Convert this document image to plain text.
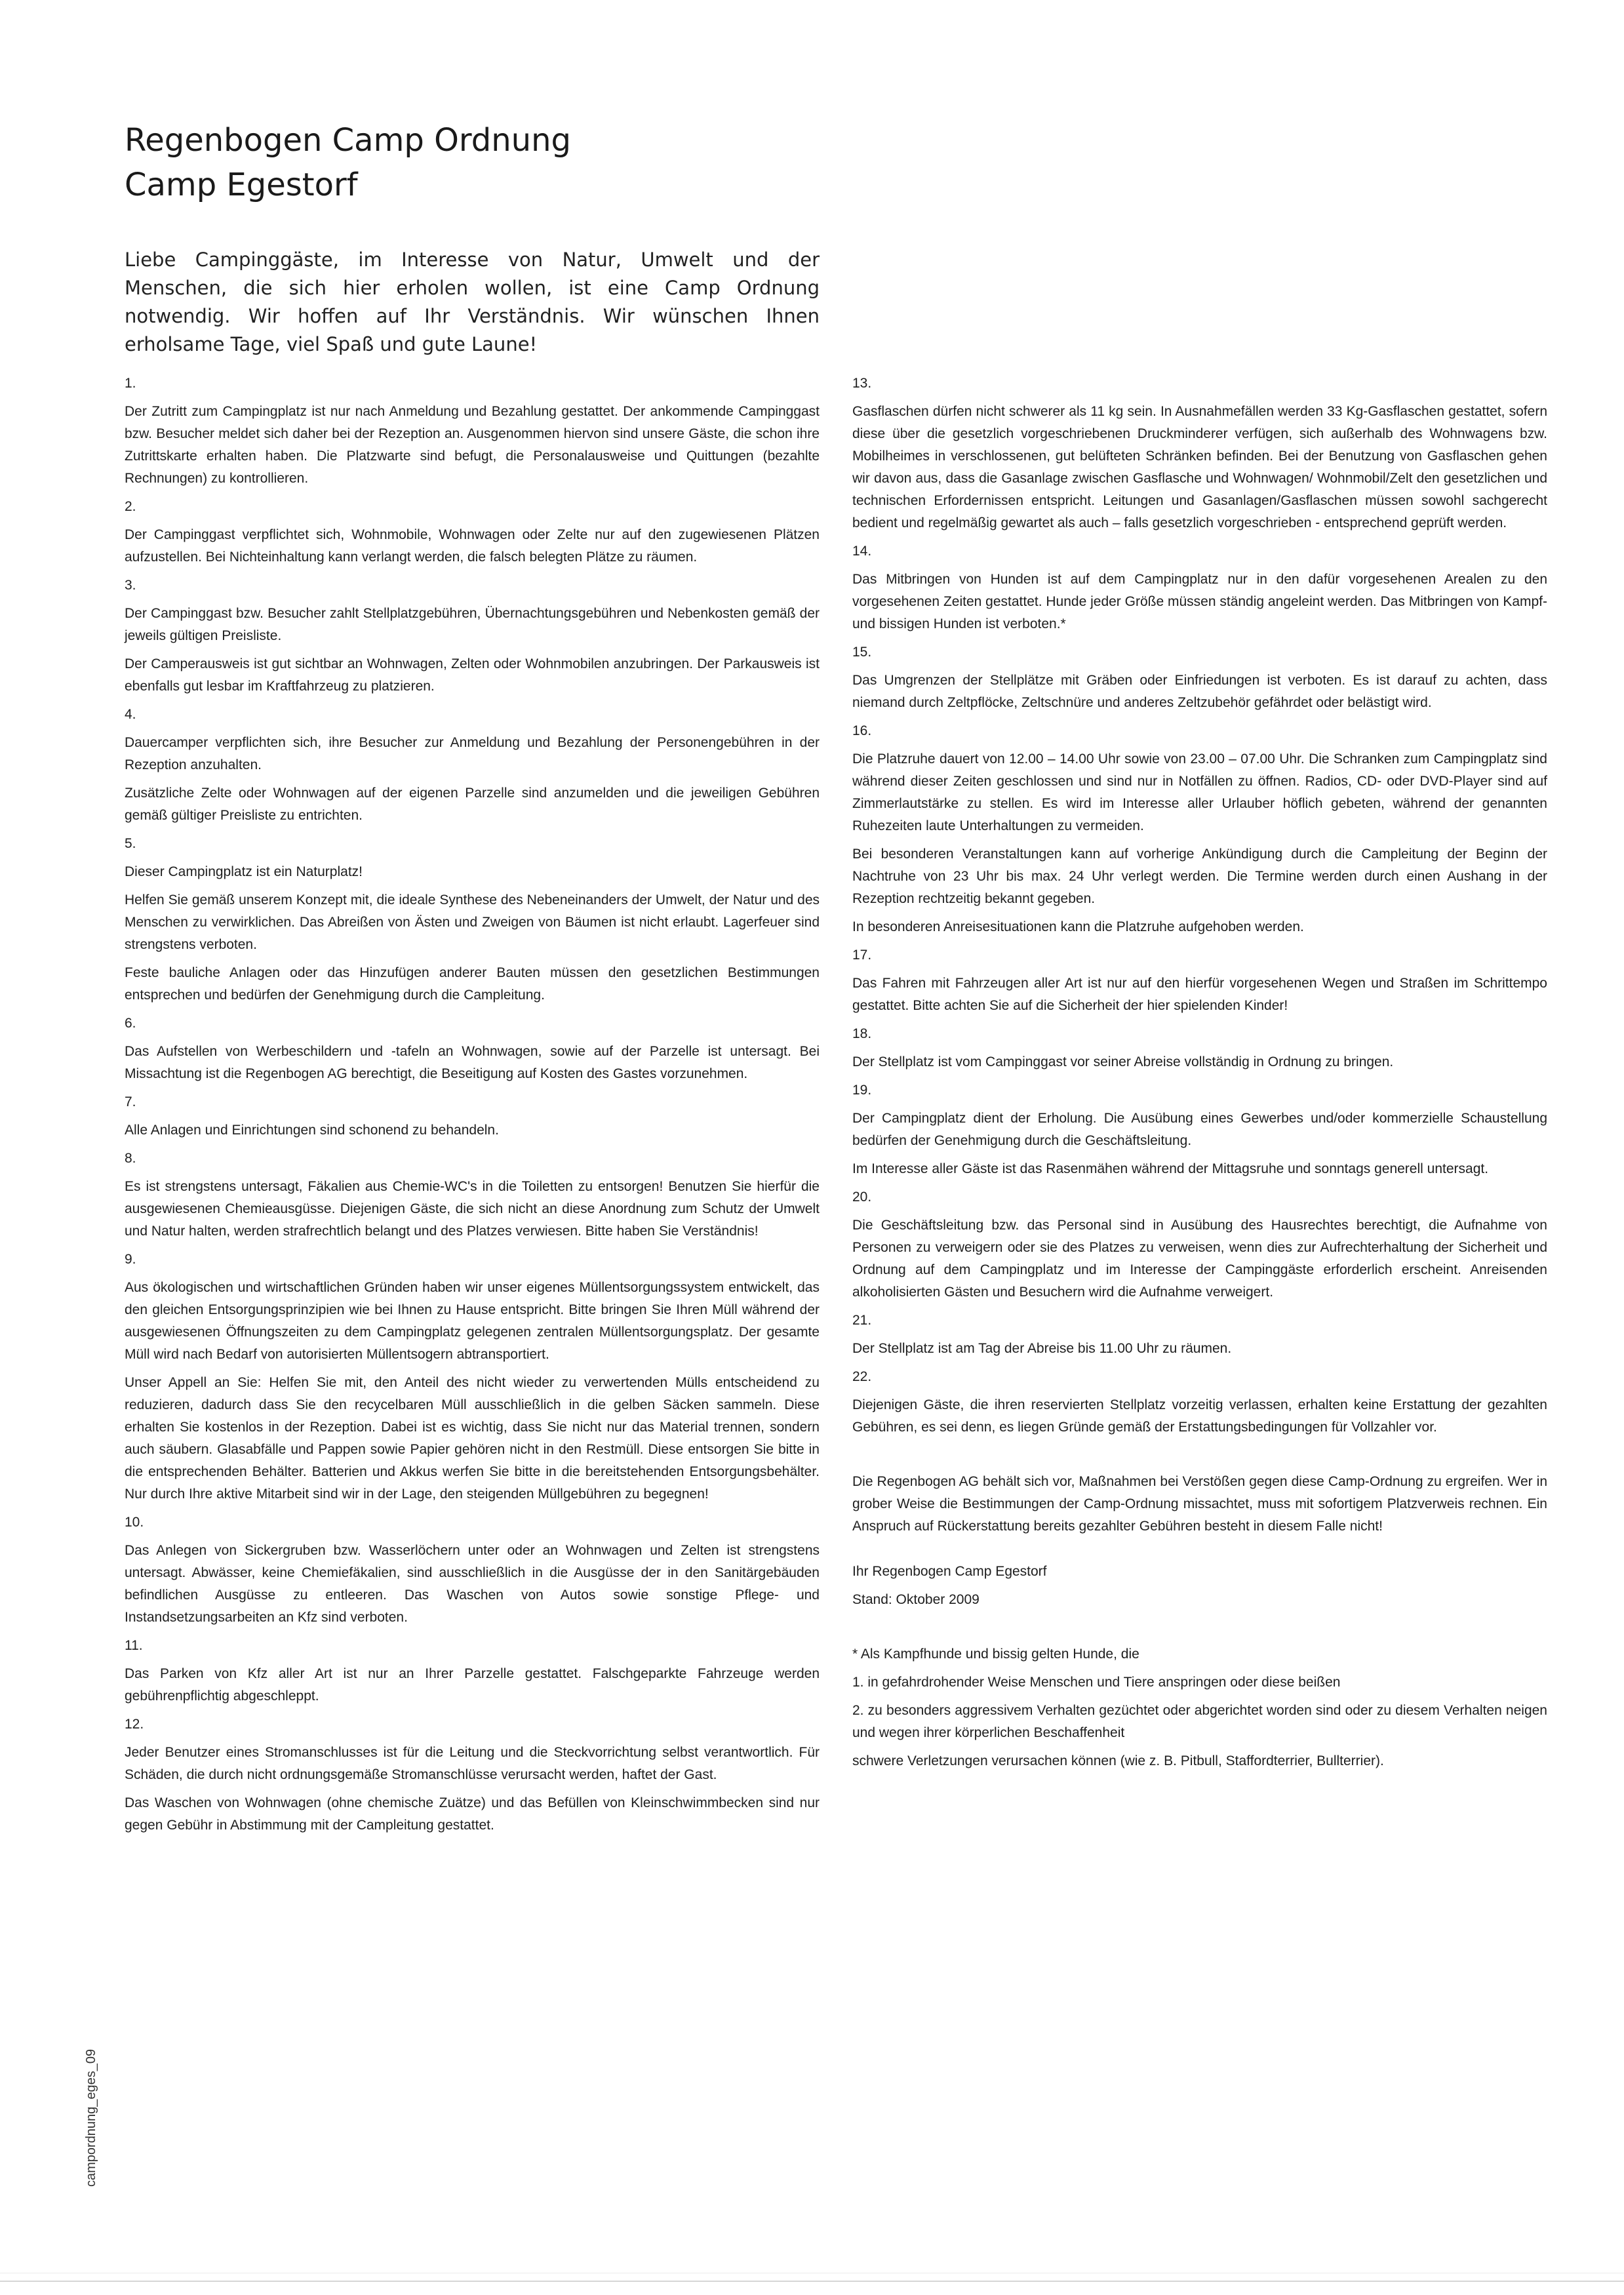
Regenbogen Camp Ordnung
Camp Egestorf
Liebe Campinggäste, im Interesse von Natur, Umwelt und der Menschen, die sich hier erholen wollen, ist eine Camp Ordnung notwendig. Wir hoffen auf Ihr Verständnis. Wir wünschen Ihnen erholsame Tage, viel Spaß und gute Laune!
1.

Der Zutritt zum Campingplatz ist nur nach Anmeldung und Bezahlung gestattet. Der ankommende Campinggast bzw. Besucher meldet sich daher bei der Rezeption an. Ausgenommen hiervon sind unsere Gäste, die schon ihre Zutrittskarte erhalten haben. Die Platzwarte sind befugt, die Personalausweise und Quittungen (bezahlte Rechnungen) zu kontrollieren.

2.

Der Campinggast verpflichtet sich, Wohnmobile, Wohnwagen oder Zelte nur auf den zugewiesenen Plätzen aufzustellen. Bei Nichteinhaltung kann verlangt werden, die falsch belegten Plätze zu räumen.

3.

Der Campinggast bzw. Besucher zahlt Stellplatzgebühren, Übernachtungsgebühren und Nebenkosten gemäß der jeweils gültigen Preisliste.

Der Camperausweis ist gut sichtbar an Wohnwagen, Zelten oder Wohnmobilen anzubringen. Der Parkausweis ist ebenfalls gut lesbar im Kraftfahrzeug zu platzieren.

4.

Dauercamper verpflichten sich, ihre Besucher zur Anmeldung und Bezahlung der Personengebühren in der Rezeption anzuhalten.

Zusätzliche Zelte oder Wohnwagen auf der eigenen Parzelle sind anzumelden und die jeweiligen Gebühren gemäß gültiger Preisliste zu entrichten.

5.

Dieser Campingplatz ist ein Naturplatz!

Helfen Sie gemäß unserem Konzept mit, die ideale Synthese des Nebeneinanders der Umwelt, der Natur und des Menschen zu verwirklichen. Das Abreißen von Ästen und Zweigen von Bäumen ist nicht erlaubt. Lagerfeuer sind strengstens verboten.

Feste bauliche Anlagen oder das Hinzufügen anderer Bauten müssen den gesetzlichen Bestimmungen entsprechen und bedürfen der Genehmigung durch die Campleitung.

6.

Das Aufstellen von Werbeschildern und -tafeln an Wohnwagen, sowie auf der Parzelle ist untersagt. Bei Missachtung ist die Regenbogen AG berechtigt, die Beseitigung auf Kosten des Gastes vorzunehmen.

7.

Alle Anlagen und Einrichtungen sind schonend zu behandeln.

8.

Es ist strengstens untersagt, Fäkalien aus Chemie-WC's in die Toiletten zu entsorgen! Benutzen Sie hierfür die ausgewiesenen Chemieausgüsse. Diejenigen Gäste, die sich nicht an diese Anordnung zum Schutz der Umwelt und Natur halten, werden strafrechtlich belangt und des Platzes verwiesen. Bitte haben Sie Verständnis!

9.

Aus ökologischen und wirtschaftlichen Gründen haben wir unser eigenes Müllentsorgungssystem entwickelt, das den gleichen Entsorgungsprinzipien wie bei Ihnen zu Hause entspricht. Bitte bringen Sie Ihren Müll während der ausgewiesenen Öffnungszeiten zu dem Campingplatz gelegenen zentralen Müllentsorgungsplatz. Der gesamte Müll wird nach Bedarf von autorisierten Müllentsogern abtransportiert.

Unser Appell an Sie: Helfen Sie mit, den Anteil des nicht wieder zu verwertenden Mülls entscheidend zu reduzieren, dadurch dass Sie den recycelbaren Müll ausschließlich in die gelben Säcken sammeln. Diese erhalten Sie kostenlos in der Rezeption. Dabei ist es wichtig, dass Sie nicht nur das Material trennen, sondern auch säubern. Glasabfälle und Pappen sowie Papier gehören nicht in den Restmüll. Diese entsorgen Sie bitte in die entsprechenden Behälter. Batterien und Akkus werfen Sie bitte in die bereitstehenden Entsorgungsbehälter. Nur durch Ihre aktive Mitarbeit sind wir in der Lage, den steigenden Müllgebühren zu begegnen!

10.

Das Anlegen von Sickergruben bzw. Wasserlöchern unter oder an Wohnwagen und Zelten ist strengstens untersagt. Abwässer, keine Chemiefäkalien, sind ausschließlich in die Ausgüsse der in den Sanitärgebäuden befindlichen Ausgüsse zu entleeren. Das Waschen von Autos sowie sonstige Pflege- und Instandsetzungsarbeiten an Kfz sind verboten.

11.

Das Parken von Kfz aller Art ist nur an Ihrer Parzelle gestattet. Falschgeparkte Fahrzeuge werden gebührenpflichtig abgeschleppt.

12.

Jeder Benutzer eines Stromanschlusses ist für die Leitung und die Steckvorrichtung selbst verantwortlich. Für Schäden, die durch nicht ordnungsgemäße Stromanschlüsse verursacht werden, haftet der Gast.

Das Waschen von Wohnwagen (ohne chemische Zuätze) und das Befüllen von Kleinschwimmbecken sind nur gegen Gebühr in Abstimmung mit der Campleitung gestattet.

13.

Gasflaschen dürfen nicht schwerer als 11 kg sein. In Ausnahmefällen werden 33 Kg-Gasflaschen gestattet, sofern diese über die gesetzlich vorgeschriebenen Druckminderer verfügen, sich außerhalb des Wohnwagens bzw. Mobilheimes in verschlossenen, gut belüfteten Schränken befinden. Bei der Benutzung von Gasflaschen gehen wir davon aus, dass die Gasanlage zwischen Gasflasche und Wohnwagen/ Wohnmobil/Zelt den gesetzlichen und technischen Erfordernissen entspricht. Leitungen und Gasanlagen/Gasflaschen müssen sowohl sachgerecht bedient und regelmäßig gewartet als auch – falls gesetzlich vorgeschrieben - entsprechend geprüft werden.

14.

Das Mitbringen von Hunden ist auf dem Campingplatz nur in den dafür vorgesehenen Arealen zu den vorgesehenen Zeiten gestattet. Hunde jeder Größe müssen ständig angeleint werden. Das Mitbringen von Kampf- und bissigen Hunden ist verboten.*

15.

Das Umgrenzen der Stellplätze mit Gräben oder Einfriedungen ist verboten. Es ist darauf zu achten, dass niemand durch Zeltpflöcke, Zeltschnüre und anderes Zeltzubehör gefährdet oder belästigt wird.

16.

Die Platzruhe dauert von 12.00 – 14.00 Uhr sowie von 23.00 – 07.00 Uhr. Die Schranken zum Campingplatz sind während dieser Zeiten geschlossen und sind nur in Notfällen zu öffnen. Radios, CD- oder DVD-Player sind auf Zimmerlautstärke zu stellen. Es wird im Interesse aller Urlauber höflich gebeten, während der genannten Ruhezeiten laute Unterhaltungen zu vermeiden.

Bei besonderen Veranstaltungen kann auf vorherige Ankündigung durch die Campleitung der Beginn der Nachtruhe von 23 Uhr bis max. 24 Uhr verlegt werden. Die Termine werden durch einen Aushang in der Rezeption rechtzeitig bekannt gegeben.

In besonderen Anreisesituationen kann die Platzruhe aufgehoben werden.

17.

Das Fahren mit Fahrzeugen aller Art ist nur auf den hierfür vorgesehenen Wegen und Straßen im Schrittempo gestattet. Bitte achten Sie auf die Sicherheit der hier spielenden Kinder!

18.

Der Stellplatz ist vom Campinggast vor seiner Abreise vollständig in Ordnung zu bringen.

19.

Der Campingplatz dient der Erholung. Die Ausübung eines Gewerbes und/oder kommerzielle Schaustellung bedürfen der Genehmigung durch die Geschäftsleitung.

Im Interesse aller Gäste ist das Rasenmähen während der Mittagsruhe und sonntags generell untersagt.

20.

Die Geschäftsleitung bzw. das Personal sind in Ausübung des Hausrechtes berechtigt, die Aufnahme von Personen zu verweigern oder sie des Platzes zu verweisen, wenn dies zur Aufrechterhaltung der Sicherheit und Ordnung auf dem Campingplatz und im Interesse der Campinggäste erforderlich erscheint. Anreisenden alkoholisierten Gästen und Besuchern wird die Aufnahme verweigert.

21.

Der Stellplatz ist am Tag der Abreise bis 11.00 Uhr zu räumen.

22.

Diejenigen Gäste, die ihren reservierten Stellplatz vorzeitig verlassen, erhalten keine Erstattung der gezahlten Gebühren, es sei denn, es liegen Gründe gemäß der Erstattungsbedingungen für Vollzahler vor.

Die Regenbogen AG behält sich vor, Maßnahmen bei Verstößen gegen diese Camp-Ordnung zu ergreifen. Wer in grober Weise die Bestimmungen der Camp-Ordnung missachtet, muss mit sofortigem Platzverweis rechnen. Ein Anspruch auf Rückerstattung bereits gezahlter Gebühren besteht in diesem Falle nicht!

Ihr Regenbogen Camp Egestorf

Stand: Oktober 2009

* Als Kampfhunde und bissig gelten Hunde, die

1. in gefahrdrohender Weise Menschen und Tiere anspringen oder diese beißen

2. zu besonders aggressivem Verhalten gezüchtet oder abgerichtet worden sind oder zu diesem Verhalten neigen und wegen ihrer körperlichen Beschaffenheit

schwere Verletzungen verursachen können (wie z. B. Pitbull, Staffordterrier, Bullterrier).

campordnung_eges_09
